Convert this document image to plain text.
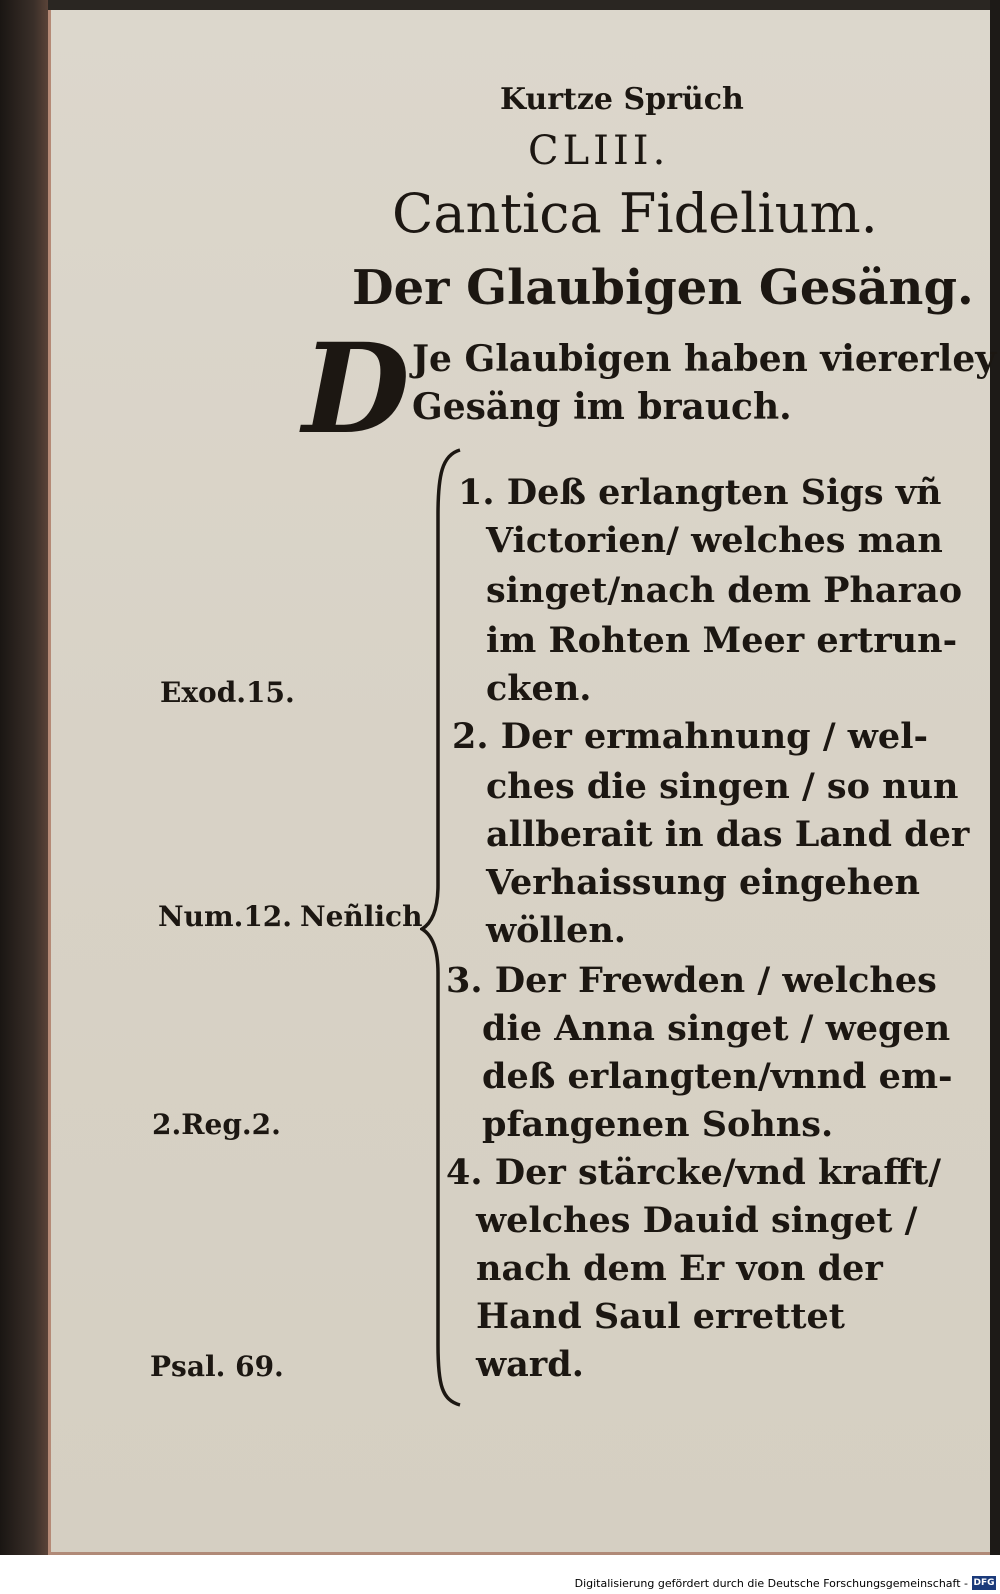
Kurtze Sprüch
CLIII.
Cantica Fidelium.
Der Glaubigen Gesäng.
D Je Glaubigen haben viererley
Gesäng im brauch.
1. Deß erlangten Sigs vñ
Victorien/ welches man
singet/nach dem Pharao
im Rohten Meer ertrun-
cken.
2. Der ermahnung / wel-
ches die singen / so nun
allberait in das Land der
Verhaissung eingehen
wöllen.
3. Der Frewden / welches
die Anna singet / wegen
deß erlangten/vnnd em-
pfangenen Sohns.
4. Der stärcke/vnd krafft/
welches Dauid singet /
nach dem Er von der
Hand Saul errettet
ward.
Exod.15.
Num.12. Neñlich
2.Reg.2.
Psal. 69.
Digitalisierung gefördert durch die Deutsche Forschungsgemeinschaft - DFG
